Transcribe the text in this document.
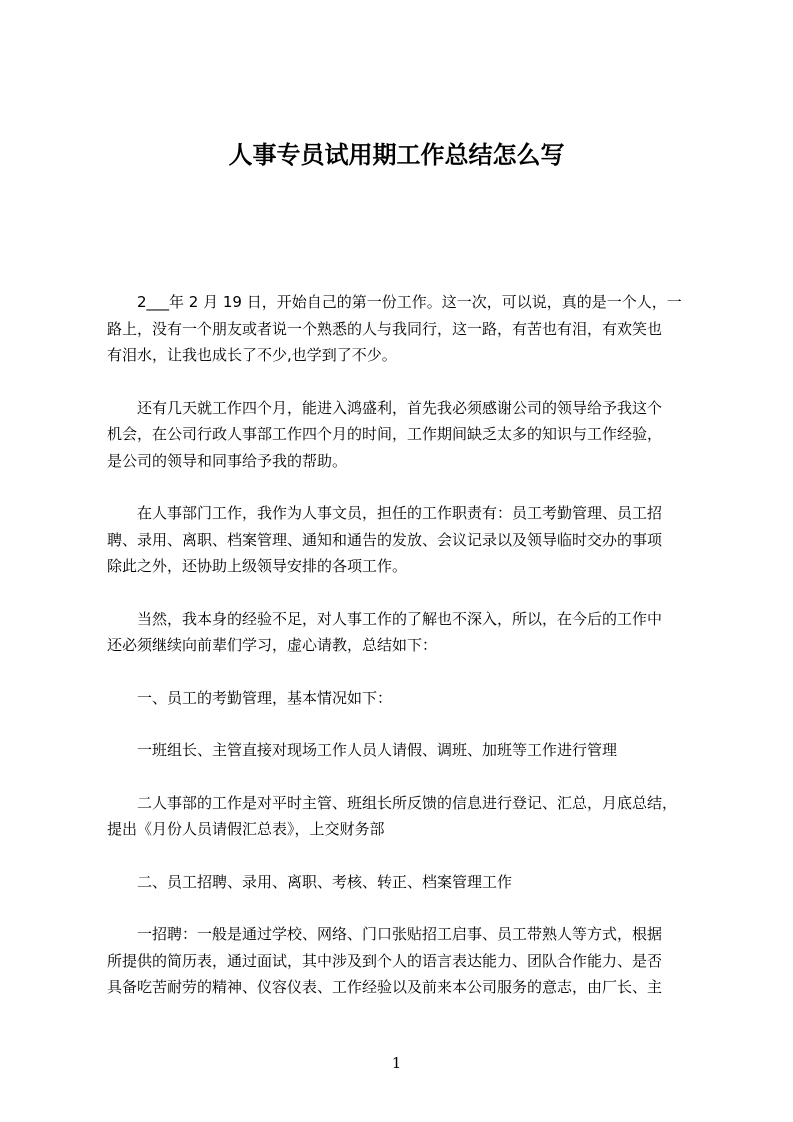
人事专员试用期工作总结怎么写

2___年 2 月 19 日，开始自己的第一份工作。这一次，可以说，真的是一个人，一
路上，没有一个朋友或者说一个熟悉的人与我同行，这一路，有苦也有泪，有欢笑也
有泪水，让我也成长了不少,也学到了不少。

还有几天就工作四个月，能进入鸿盛利，首先我必须感谢公司的领导给予我这个
机会，在公司行政人事部工作四个月的时间，工作期间缺乏太多的知识与工作经验，
是公司的领导和同事给予我的帮助。

在人事部门工作，我作为人事文员，担任的工作职责有：员工考勤管理、员工招
聘、录用、离职、档案管理、通知和通告的发放、会议记录以及领导临时交办的事项
除此之外，还协助上级领导安排的各项工作。

当然，我本身的经验不足，对人事工作的了解也不深入，所以，在今后的工作中
还必须继续向前辈们学习，虚心请教，总结如下：

一、员工的考勤管理，基本情况如下：

一班组长、主管直接对现场工作人员人请假、调班、加班等工作进行管理

二人事部的工作是对平时主管、班组长所反馈的信息进行登记、汇总，月底总结，
提出《月份人员请假汇总表》，上交财务部

二、员工招聘、录用、离职、考核、转正、档案管理工作

一招聘：一般是通过学校、网络、门口张贴招工启事、员工带熟人等方式，根据
所提供的简历表，通过面试，其中涉及到个人的语言表达能力、团队合作能力、是否
具备吃苦耐劳的精神、仪容仪表、工作经验以及前来本公司服务的意志，由厂长、主

1
